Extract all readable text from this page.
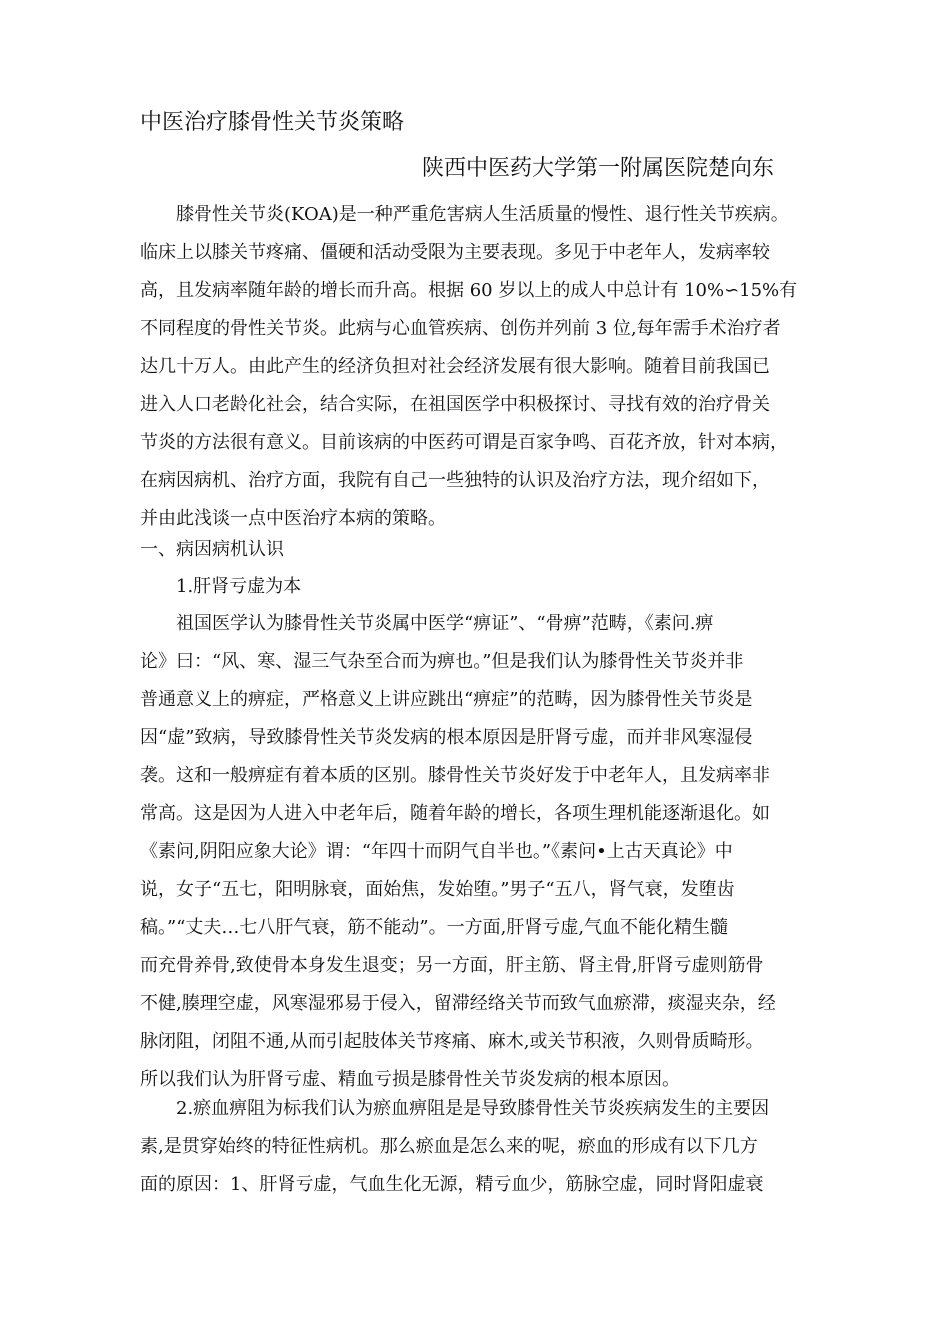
中医治疗膝骨性关节炎策略
陕西中医药大学第一附属医院楚向东
膝骨性关节炎(KOA)是一种严重危害病人生活质量的慢性、退行性关节疾病。
临床上以膝关节疼痛、僵硬和活动受限为主要表现。多见于中老年人，发病率较
高，且发病率随年龄的增长而升高。根据 60 岁以上的成人中总计有 10%∽15%有
不同程度的骨性关节炎。此病与心血管疾病、创伤并列前 3 位,每年需手术治疗者
达几十万人。由此产生的经济负担对社会经济发展有很大影响。随着目前我国已
进入人口老龄化社会，结合实际，在祖国医学中积极探讨、寻找有效的治疗骨关
节炎的方法很有意义。目前该病的中医药可谓是百家争鸣、百花齐放，针对本病，
在病因病机、治疗方面，我院有自己一些独特的认识及治疗方法，现介绍如下，
并由此浅谈一点中医治疗本病的策略。
一、病因病机认识
1.肝肾亏虚为本
祖国医学认为膝骨性关节炎属中医学“痹证”、“骨痹”范畴，《素问.痹
论》曰：“风、寒、湿三气杂至合而为痹也。”但是我们认为膝骨性关节炎并非
普通意义上的痹症，严格意义上讲应跳出“痹症”的范畴，因为膝骨性关节炎是
因“虚”致病，导致膝骨性关节炎发病的根本原因是肝肾亏虚，而并非风寒湿侵
袭。这和一般痹症有着本质的区别。膝骨性关节炎好发于中老年人，且发病率非
常高。这是因为人进入中老年后，随着年龄的增长，各项生理机能逐渐退化。如
《素问,阴阳应象大论》谓：“年四十而阴气自半也。”《素问•上古天真论》中
说，女子“五七，阳明脉衰，面始焦，发始堕。”男子“五八，肾气衰，发堕齿
稿。”“丈夫…七八肝气衰，筋不能动”。一方面,肝肾亏虚,气血不能化精生髓
而充骨养骨,致使骨本身发生退变；另一方面，肝主筋、肾主骨,肝肾亏虚则筋骨
不健,腠理空虚，风寒湿邪易于侵入，留滞经络关节而致气血瘀滞，痰湿夹杂，经
脉闭阻，闭阻不通,从而引起肢体关节疼痛、麻木,或关节积液，久则骨质畸形。
所以我们认为肝肾亏虚、精血亏损是膝骨性关节炎发病的根本原因。
2.瘀血痹阻为标我们认为瘀血痹阻是是导致膝骨性关节炎疾病发生的主要因
素,是贯穿始终的特征性病机。那么瘀血是怎么来的呢，瘀血的形成有以下几方
面的原因：1、肝肾亏虚，气血生化无源，精亏血少，筋脉空虚，同时肾阳虚衰
